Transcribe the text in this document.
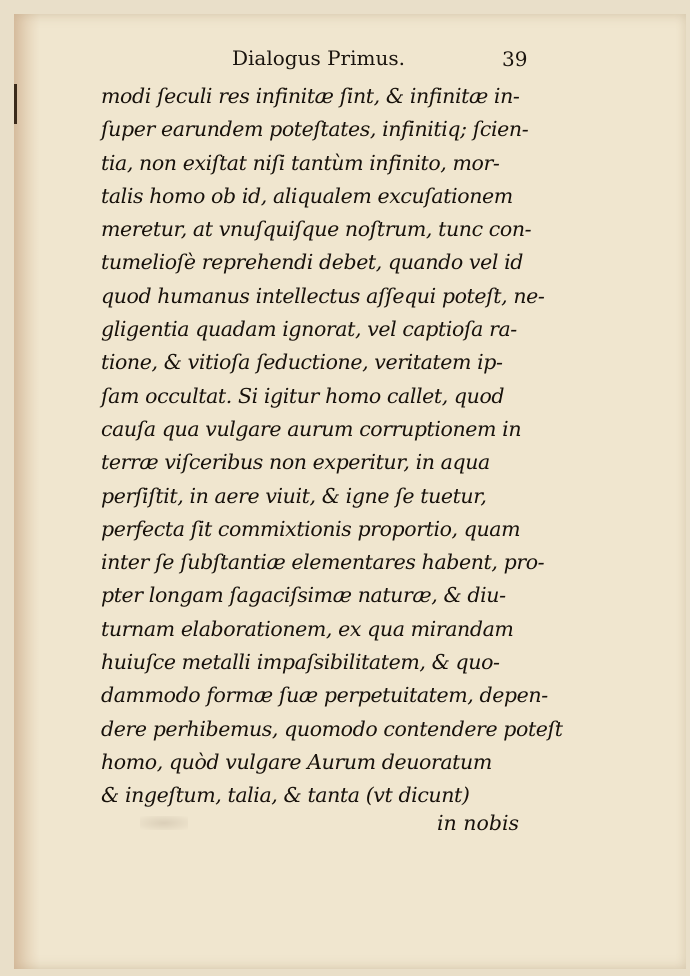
Dialogus Primus.	39
modi ſeculi res infinitæ ſint, & infinitæ in-
ſuper earundem poteſtates, infinitiq; ſcien-
tia, non exiſtat niſi tantùm infinito, mor-
talis homo ob id, aliqualem excuſationem
meretur, at vnuſquiſque noſtrum, tunc con-
tumelioſè reprehendi debet, quando vel id
quod humanus intellectus aſſequi poteſt, ne-
gligentia quadam ignorat, vel captioſa ra-
tione, & vitioſa ſeductione, veritatem ip-
ſam occultat. Si igitur homo callet, quod
cauſa qua vulgare aurum corruptionem in
terræ viſceribus non experitur, in aqua
perſiſtit, in aere viuit, & igne ſe tuetur,
perfecta ſit commixtionis proportio, quam
inter ſe ſubſtantiæ elementares habent, pro-
pter longam ſagaciſsimæ naturæ, & diu-
turnam elaborationem, ex qua mirandam
huiuſce metalli impaſsibilitatem, & quo-
dammodo formæ ſuæ perpetuitatem, depen-
dere perhibemus, quomodo contendere poteſt
homo, quòd vulgare Aurum deuoratum
& ingeſtum, talia, & tanta (vt dicunt)
in nobis
